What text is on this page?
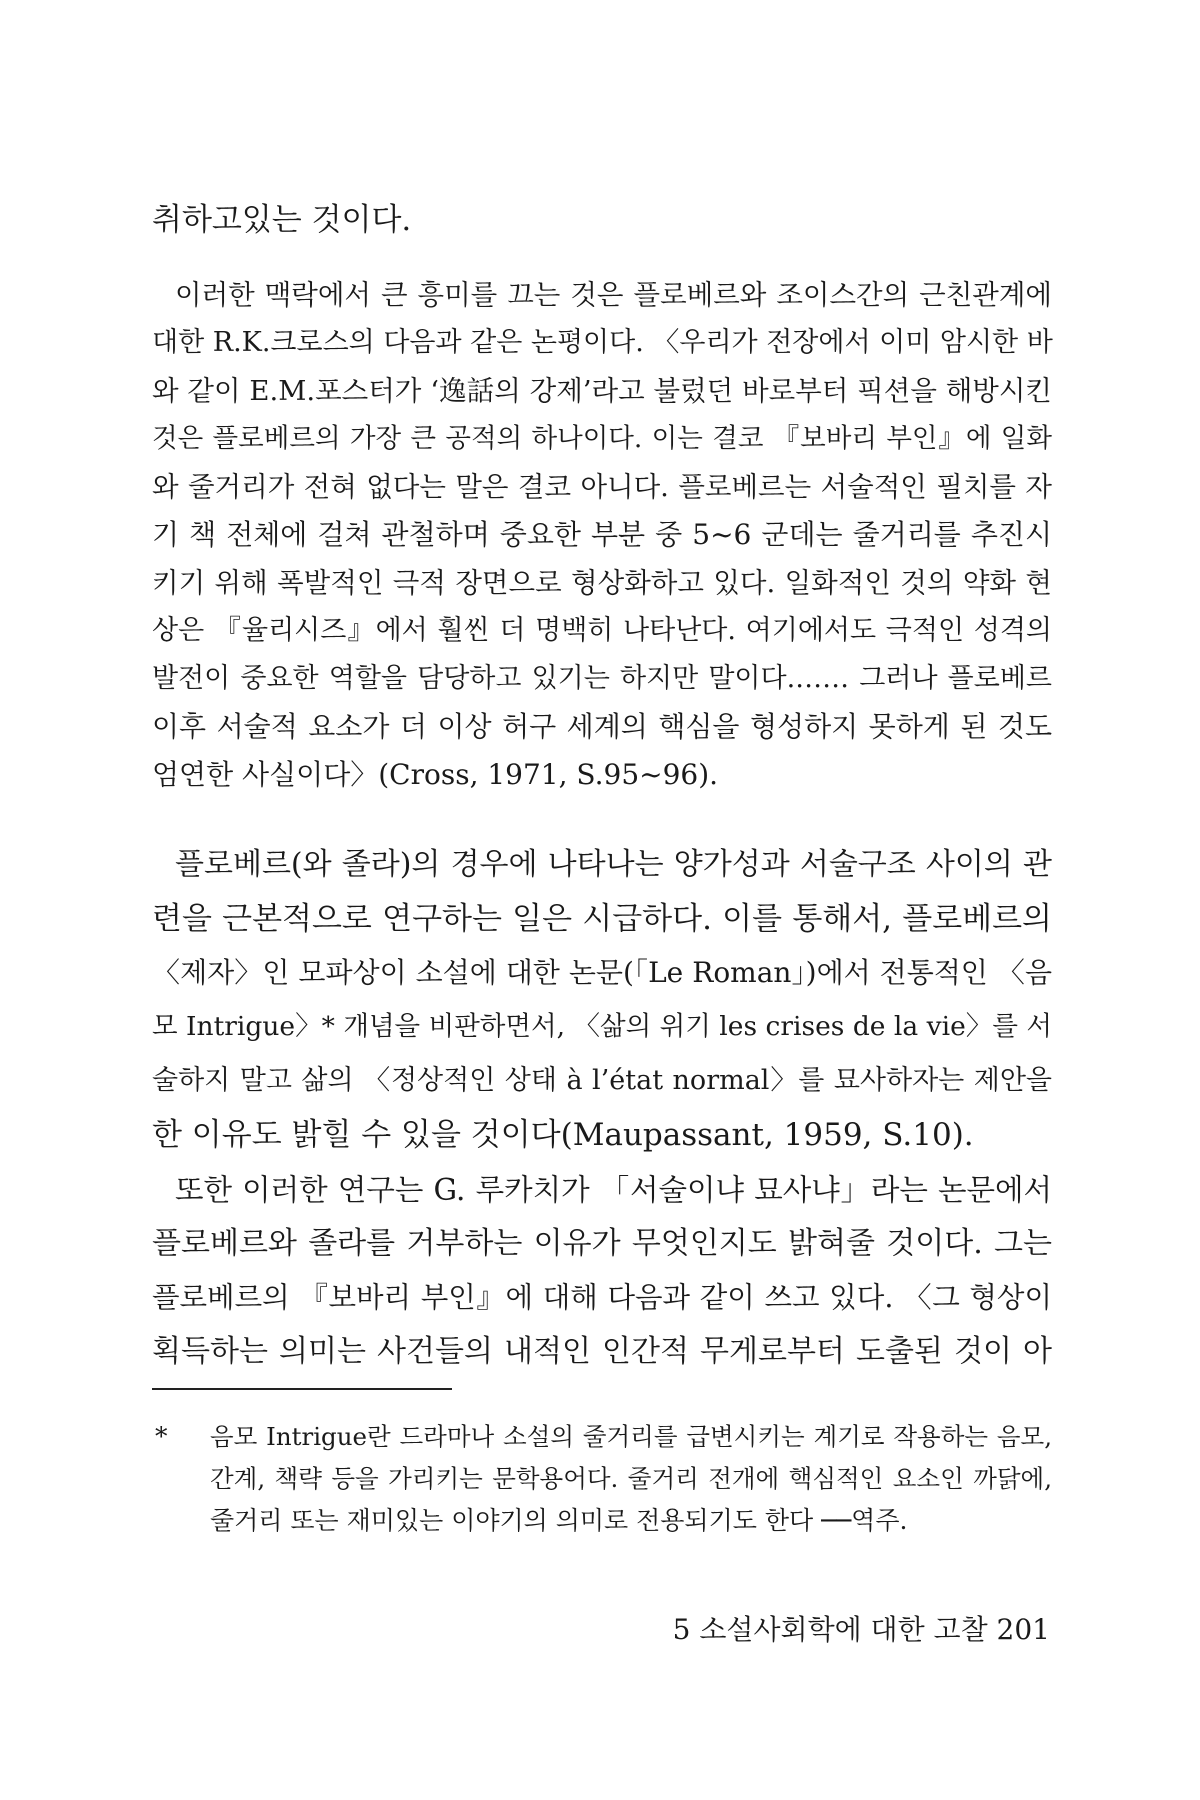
취하고있는 것이다.
이러한 맥락에서 큰 흥미를 끄는 것은 플로베르와 조이스간의 근친관계에
대한 R.K.크로스의 다음과 같은 논평이다. 〈우리가 전장에서 이미 암시한 바
와 같이 E.M.포스터가 ‘逸話의 강제’라고 불렀던 바로부터 픽션을 해방시킨
것은 플로베르의 가장 큰 공적의 하나이다. 이는 결코 『보바리 부인』에 일화
와 줄거리가 전혀 없다는 말은 결코 아니다. 플로베르는 서술적인 필치를 자
기 책 전체에 걸쳐 관철하며 중요한 부분 중 5~6 군데는 줄거리를 추진시
키기 위해 폭발적인 극적 장면으로 형상화하고 있다. 일화적인 것의 약화 현
상은 『율리시즈』에서 훨씬 더 명백히 나타난다. 여기에서도 극적인 성격의
발전이 중요한 역할을 담당하고 있기는 하지만 말이다.…… 그러나 플로베르
이후 서술적 요소가 더 이상 허구 세계의 핵심을 형성하지 못하게 된 것도
엄연한 사실이다〉(Cross, 1971, S.95~96).
플로베르(와 졸라)의 경우에 나타나는 양가성과 서술구조 사이의 관
련을 근본적으로 연구하는 일은 시급하다. 이를 통해서, 플로베르의
〈제자〉인 모파상이 소설에 대한 논문(「Le Roman」)에서 전통적인 〈음
모 Intrigue〉* 개념을 비판하면서, 〈삶의 위기 les crises de la vie〉를 서
술하지 말고 삶의 〈정상적인 상태 à l’état normal〉를 묘사하자는 제안을
한 이유도 밝힐 수 있을 것이다(Maupassant, 1959, S.10).
또한 이러한 연구는 G. 루카치가 「서술이냐 묘사냐」라는 논문에서
플로베르와 졸라를 거부하는 이유가 무엇인지도 밝혀줄 것이다. 그는
플로베르의 『보바리 부인』에 대해 다음과 같이 쓰고 있다. 〈그 형상이
획득하는 의미는 사건들의 내적인 인간적 무게로부터 도출된 것이 아
* 음모 Intrigue란 드라마나 소설의 줄거리를 급변시키는 계기로 작용하는 음모,
간계, 책략 등을 가리키는 문학용어다. 줄거리 전개에 핵심적인 요소인 까닭에,
줄거리 또는 재미있는 이야기의 의미로 전용되기도 한다 ──역주.
5 소설사회학에 대한 고찰 201
